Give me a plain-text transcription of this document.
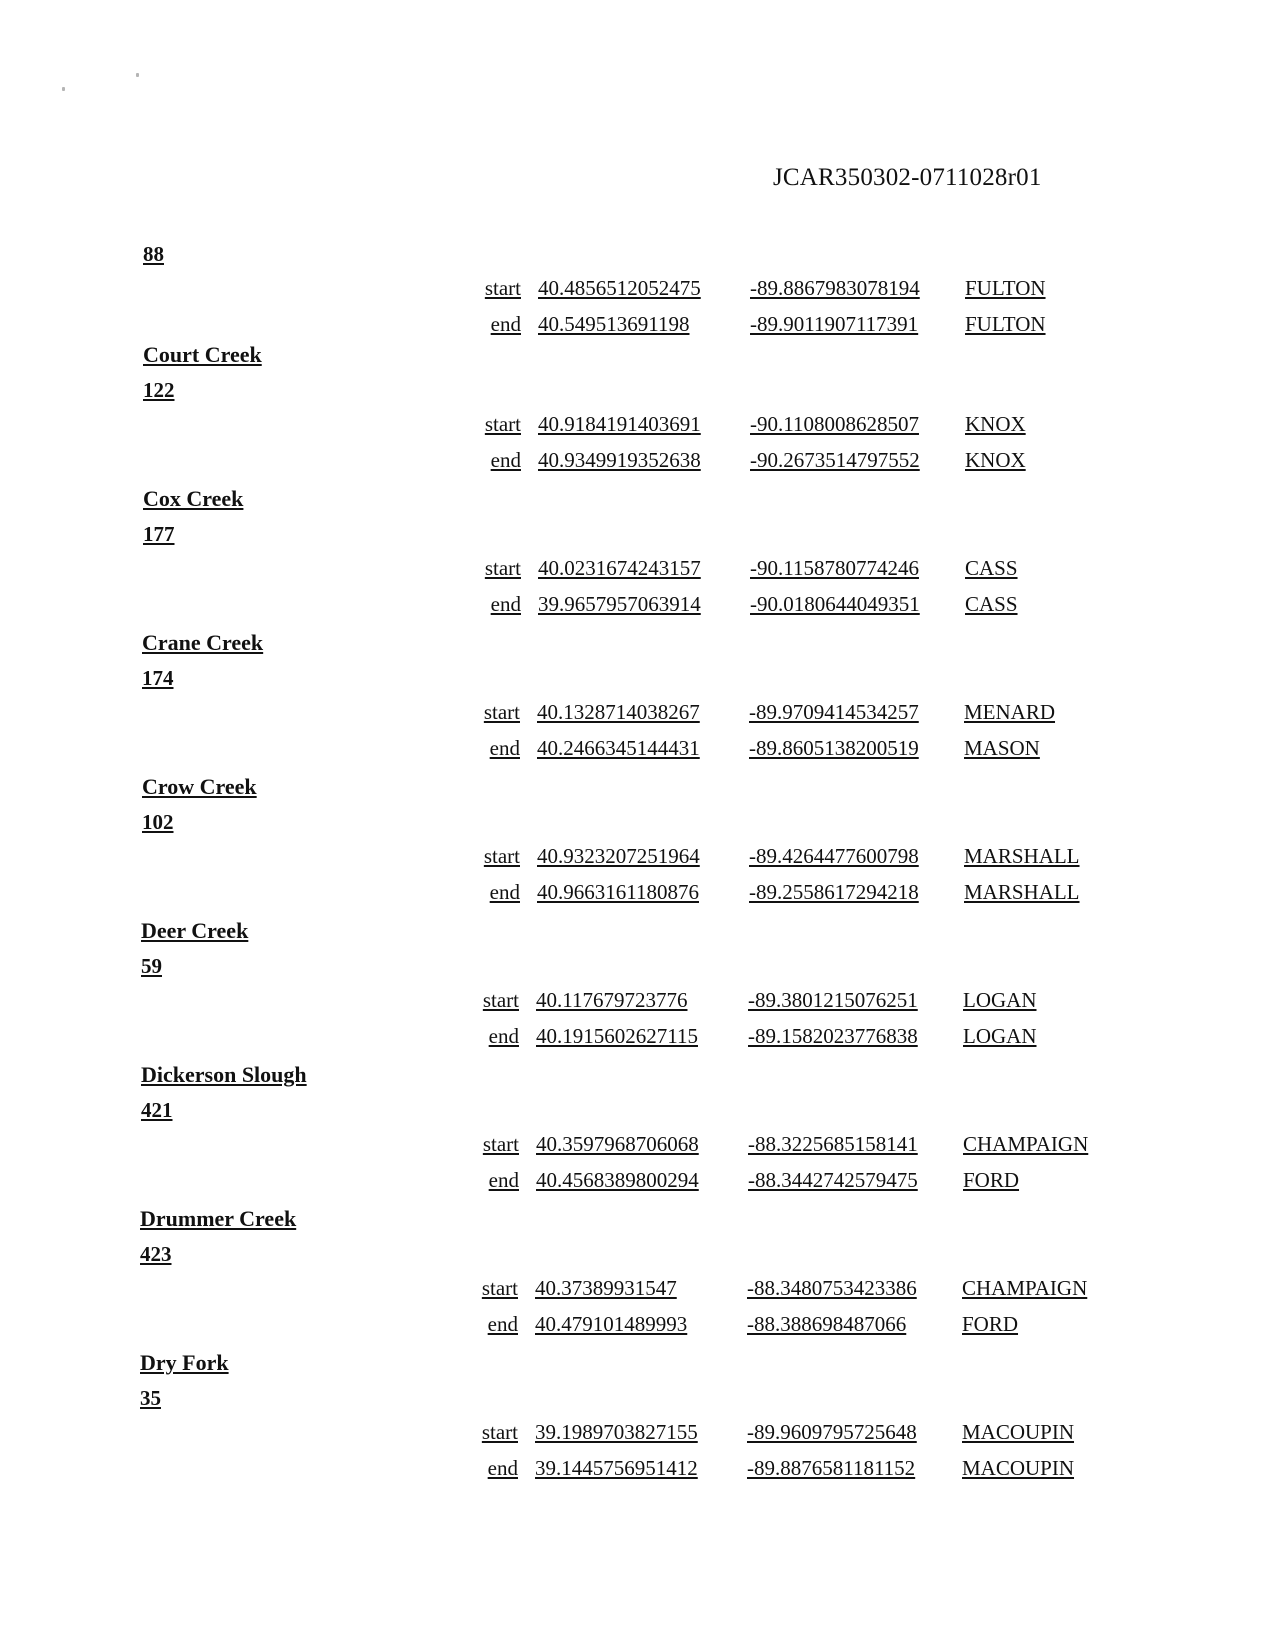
JCAR350302-0711028r01
88
start 40.4856512052475 -89.8867983078194 FULTON
end 40.549513691198	-89.9011907117391 FULTON
Court Creek
122
start 40.9184191403691 -90.1108008628507 KNOX
end 40.9349919352638 -90.2673514797552 KNOX
Cox Creek
177
start 40.0231674243157 -90.1158780774246 CASS
end 39.9657957063914 -90.0180644049351 CASS
Crane Creek
174
start 40.1328714038267 -89.9709414534257 MENARD
end 40.2466345144431 -89.8605138200519 MASON
Crow Creek
102
start 40.9323207251964 -89.4264477600798 MARSHALL
end 40.9663161180876 -89.2558617294218 MARSHALL
Deer Creek
59
start 40.117679723776	-89.3801215076251 LOGAN
end 40.1915602627115 -89.1582023776838 LOGAN
Dickerson Slough
421
start 40.3597968706068 -88.3225685158141 CHAMPAIGN
end 40.4568389800294 -88.3442742579475 FORD
Drummer Creek
423
start 40.37389931547	-88.3480753423386 CHAMPAIGN
end 40.479101489993	-88.388698487066	FORD
Dry Fork
35
start 39.1989703827155 -89.9609795725648 MACOUPIN
end 39.1445756951412 -89.8876581181152 MACOUPIN
